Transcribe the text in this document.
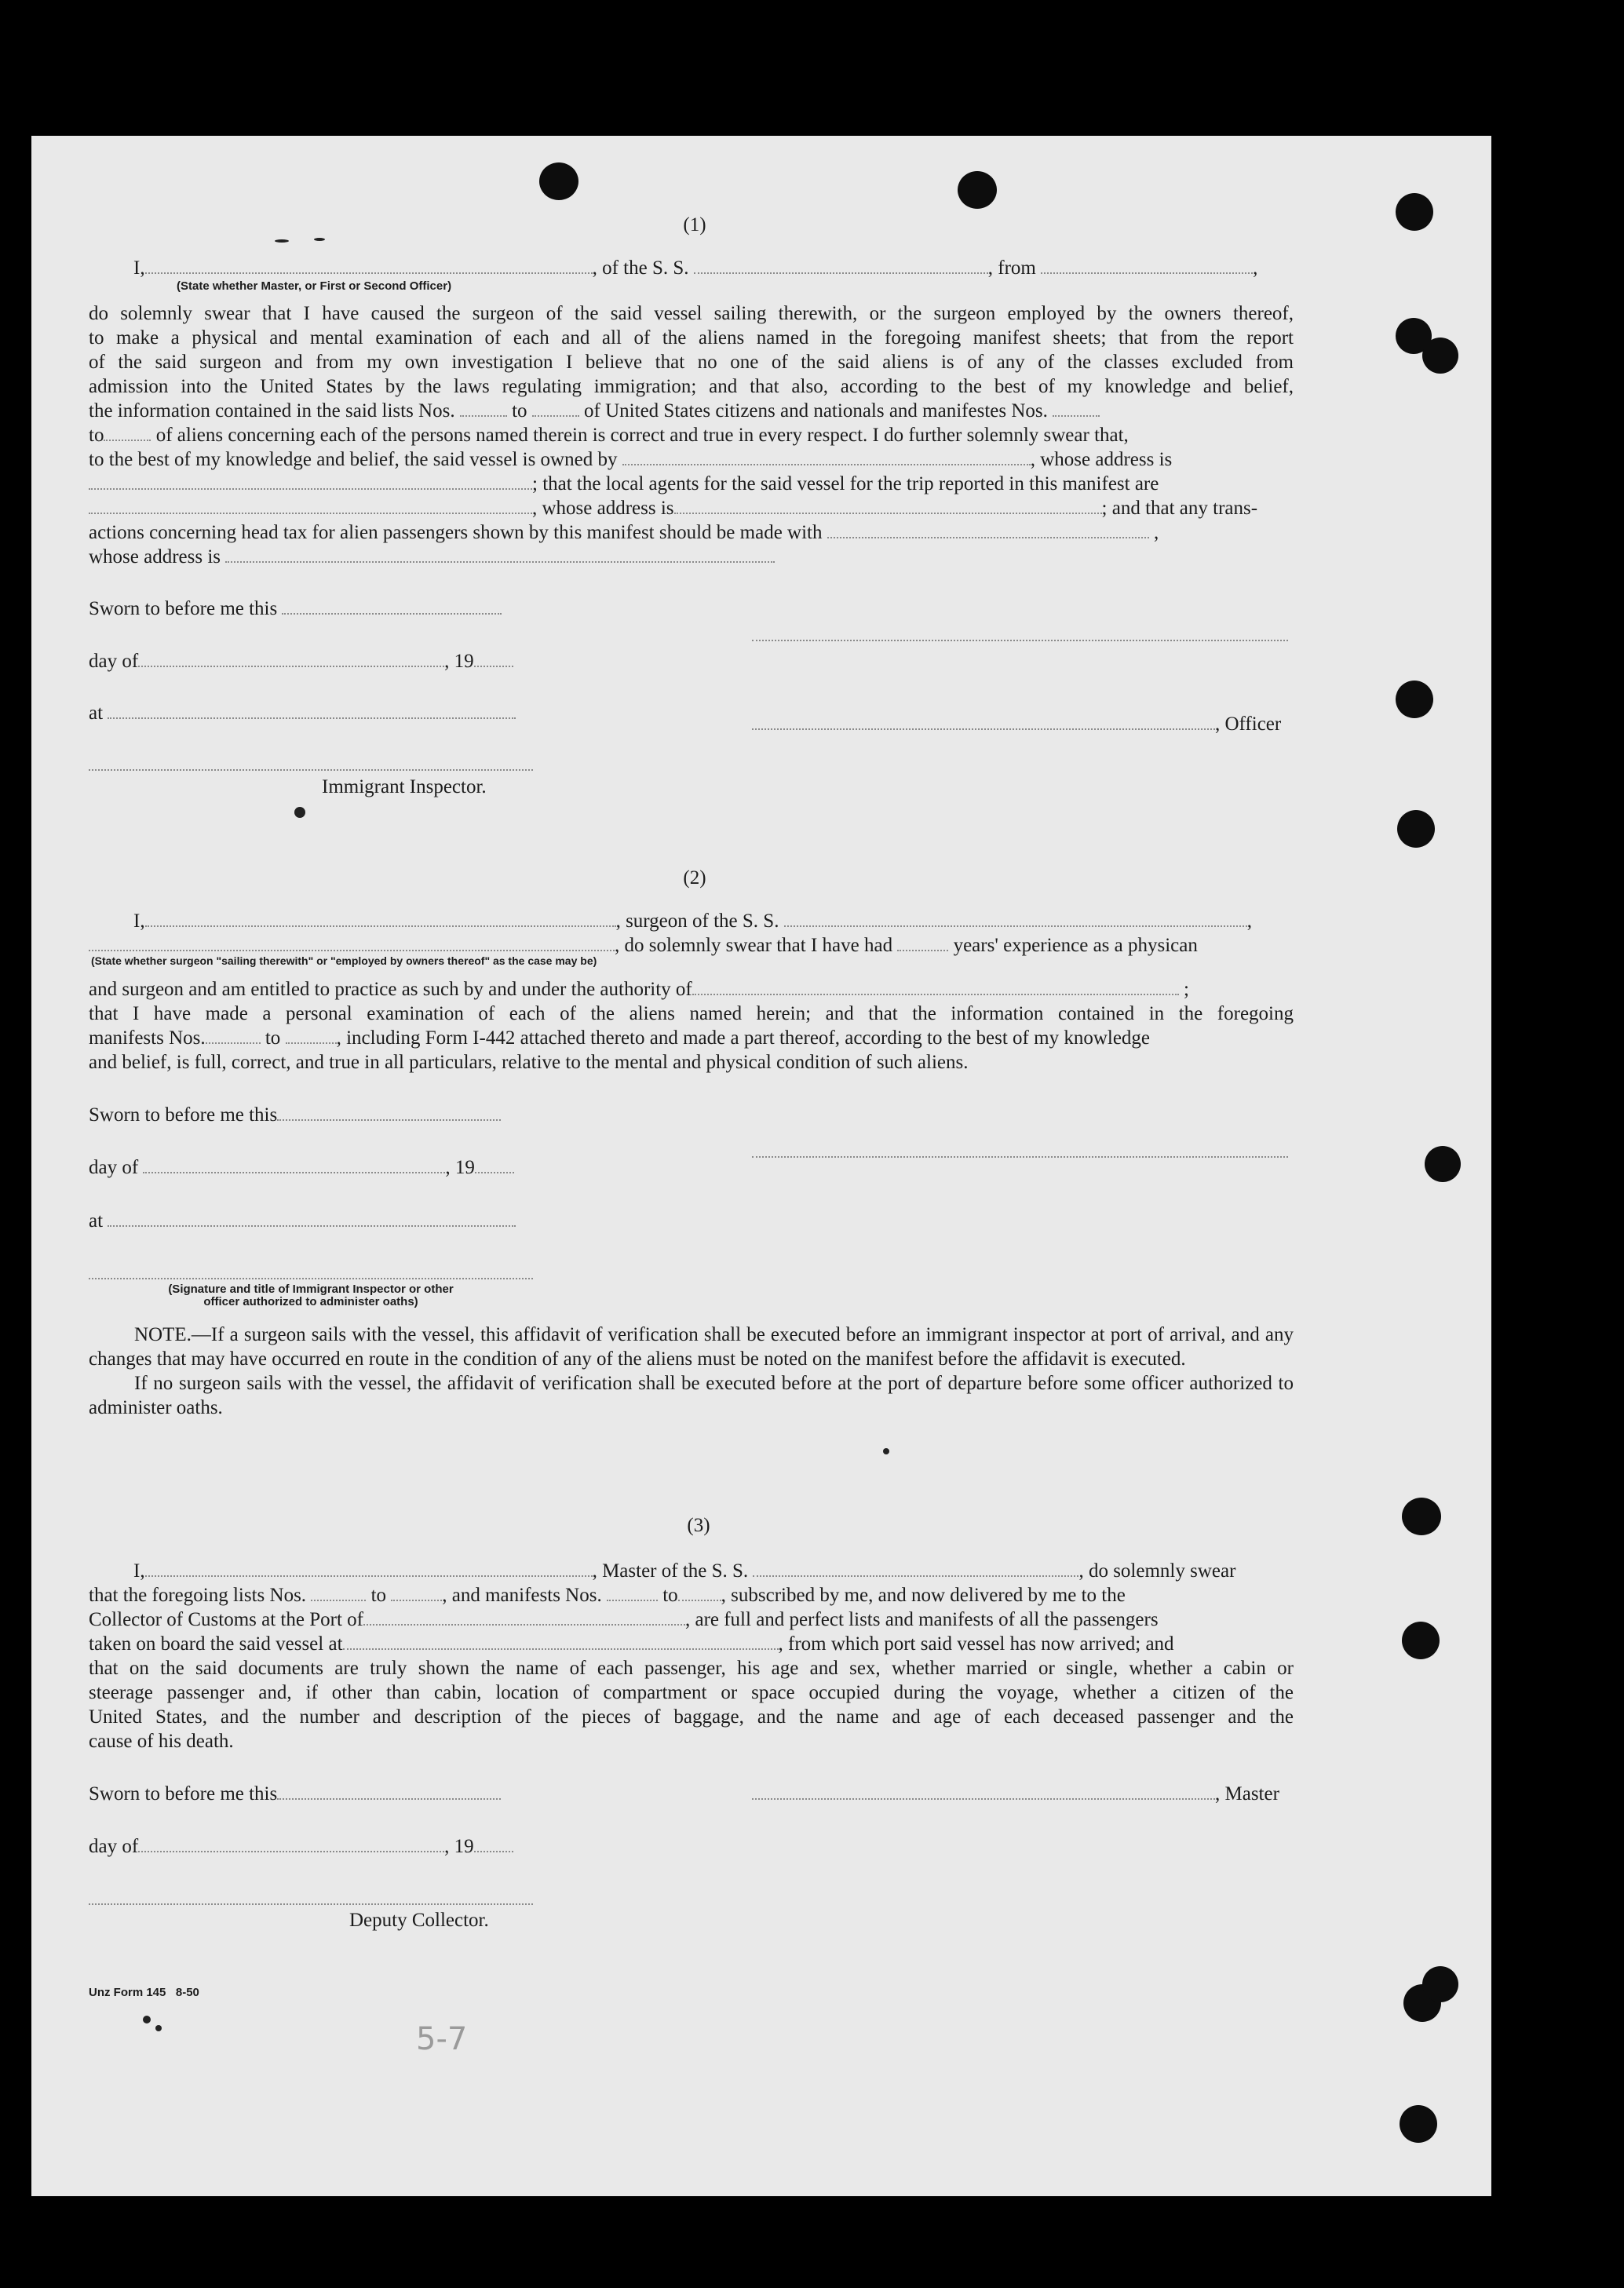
(1)
I,	, of the S. S.	, from	,
(State whether Master, or First or Second Officer)
do solemnly swear that I have caused the surgeon of the said vessel sailing therewith, or the surgeon employed by the owners thereof,
to make a physical and mental examination of each and all of the aliens named in the foregoing manifest sheets; that from the report
of the said surgeon and from my own investigation I believe that no one of the said aliens is of any of the classes excluded from
admission into the United States by the laws regulating immigration; and that also, according to the best of my knowledge and belief,
the information contained in the said lists Nos.	to	of United States citizens and nationals and manifestes Nos.
to	of aliens concerning each of the persons named therein is correct and true in every respect. I do further solemnly swear that,
to the best of my knowledge and belief, the said vessel is owned by	, whose address is
; that the local agents for the said vessel for the trip reported in this manifest are
, whose address is	; and that any trans-
actions concerning head tax for alien passengers shown by this manifest should be made with	,
whose address is
Sworn to before me this
day of	, 19
at
, Officer
Immigrant Inspector.
(2)
I,	, surgeon of the S. S.	,
, do solemnly swear that I have had	years' experience as a physican
(State whether surgeon "sailing therewith" or "employed by owners thereof" as the case may be)
and surgeon and am entitled to practice as such by and under the authority of	;
that I have made a personal examination of each of the aliens named herein; and that the information contained in the foregoing
manifests Nos.	to	, including Form I-442 attached thereto and made a part thereof, according to the best of my knowledge
and belief, is full, correct, and true in all particulars, relative to the mental and physical condition of such aliens.
Sworn to before me this
day of	, 19
at
(Signature and title of Immigrant Inspector or other
officer authorized to administer oaths)

NOTE.—If a surgeon sails with the vessel, this affidavit of verification shall be executed before an immigrant inspector at port of arrival, and any changes that may have occurred en route in the condition of any of the aliens must be noted on the manifest before the affidavit is executed.

If no surgeon sails with the vessel, the affidavit of verification shall be executed before at the port of departure before some officer authorized to administer oaths.

(3)
I,	, Master of the S. S.	, do solemnly swear
that the foregoing lists Nos.	to	, and manifests Nos.	to , subscribed by me, and now delivered by me to the
Collector of Customs at the Port of	, are full and perfect lists and manifests of all the passengers
taken on board the said vessel at	, from which port said vessel has now arrived; and
that on the said documents are truly shown the name of each passenger, his age and sex, whether married or single, whether a cabin or
steerage passenger and, if other than cabin, location of compartment or space occupied during the voyage, whether a citizen of the
United States, and the number and description of the pieces of baggage, and the name and age of each deceased passenger and the
cause of his death.
Sworn to before me this	, Master
day of	, 19
Deputy Collector.
Unz Form 145   8-50
5-7
